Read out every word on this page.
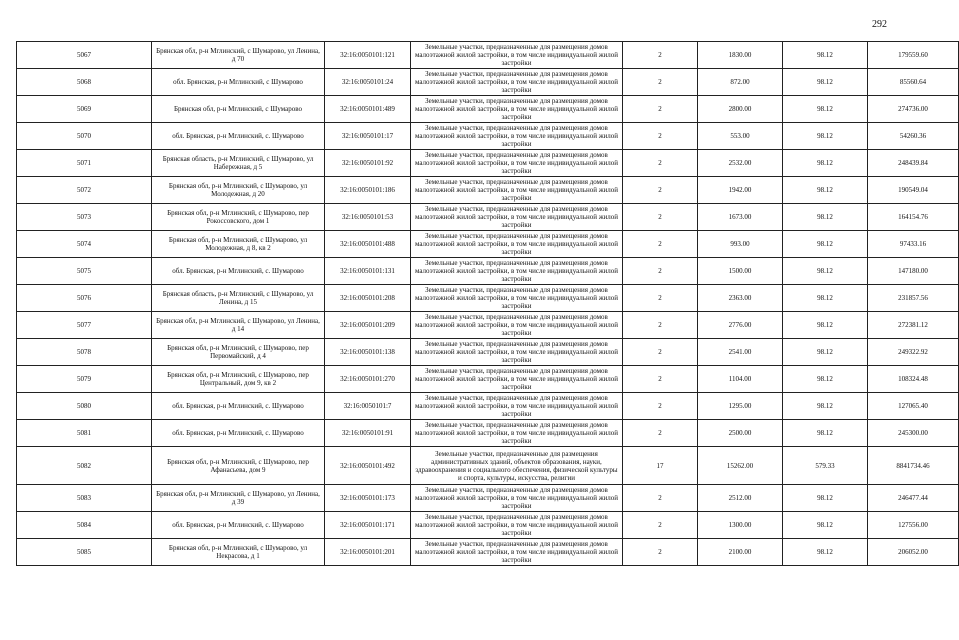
292
5067	Брянская обл, р-н Мглинский, с Шумарово, ул Ленина, д 70	32:16:0050101:121	Земельные участки, предназначенные для размещения домов малоэтажной жилой застройки, в том числе индивидуальной жилой застройки	2	1830.00	98.12	179559.60
5068	обл. Брянская, р-н Мглинский, с Шумарово	32:16:0050101:24	Земельные участки, предназначенные для размещения домов малоэтажной жилой застройки, в том числе индивидуальной жилой застройки	2	872.00	98.12	85560.64
5069	Брянская обл, р-н Мглинский, с Шумарово	32:16:0050101:489	Земельные участки, предназначенные для размещения домов малоэтажной жилой застройки, в том числе индивидуальной жилой застройки	2	2800.00	98.12	274736.00
5070	обл. Брянская, р-н Мглинский, с. Шумарово	32:16:0050101:17	Земельные участки, предназначенные для размещения домов малоэтажной жилой застройки, в том числе индивидуальной жилой застройки	2	553.00	98.12	54260.36
5071	Брянская область, р-н Мглинский, с Шумарово, ул Набережная, д 5	32:16:0050101:92	Земельные участки, предназначенные для размещения домов малоэтажной жилой застройки, в том числе индивидуальной жилой застройки	2	2532.00	98.12	248439.84
5072	Брянская обл, р-н Мглинский, с Шумарово, ул Молодежная, д 20	32:16:0050101:186	Земельные участки, предназначенные для размещения домов малоэтажной жилой застройки, в том числе индивидуальной жилой застройки	2	1942.00	98.12	190549.04
5073	Брянская обл, р-н Мглинский, с Шумарово, пер Рокоссовского, дом 1	32:16:0050101:53	Земельные участки, предназначенные для размещения домов малоэтажной жилой застройки, в том числе индивидуальной жилой застройки	2	1673.00	98.12	164154.76
5074	Брянская обл, р-н Мглинский, с Шумарово, ул Молодежная, д 8, кв 2	32:16:0050101:488	Земельные участки, предназначенные для размещения домов малоэтажной жилой застройки, в том числе индивидуальной жилой застройки	2	993.00	98.12	97433.16
5075	обл. Брянская, р-н Мглинский, с. Шумарово	32:16:0050101:131	Земельные участки, предназначенные для размещения домов малоэтажной жилой застройки, в том числе индивидуальной жилой застройки	2	1500.00	98.12	147180.00
5076	Брянская область, р-н Мглинский, с Шумарово, ул Ленина, д 15	32:16:0050101:208	Земельные участки, предназначенные для размещения домов малоэтажной жилой застройки, в том числе индивидуальной жилой застройки	2	2363.00	98.12	231857.56
5077	Брянская обл, р-н Мглинский, с Шумарово, ул Ленина, д 14	32:16:0050101:209	Земельные участки, предназначенные для размещения домов малоэтажной жилой застройки, в том числе индивидуальной жилой застройки	2	2776.00	98.12	272381.12
5078	Брянская обл, р-н Мглинский, с Шумарово, пер Первомайский, д 4	32:16:0050101:138	Земельные участки, предназначенные для размещения домов малоэтажной жилой застройки, в том числе индивидуальной жилой застройки	2	2541.00	98.12	249322.92
5079	Брянская обл, р-н Мглинский, с Шумарово, пер Центральный, дом 9, кв 2	32:16:0050101:270	Земельные участки, предназначенные для размещения домов малоэтажной жилой застройки, в том числе индивидуальной жилой застройки	2	1104.00	98.12	108324.48
5080	обл. Брянская, р-н Мглинский, с. Шумарово	32:16:0050101:7	Земельные участки, предназначенные для размещения домов малоэтажной жилой застройки, в том числе индивидуальной жилой застройки	2	1295.00	98.12	127065.40
5081	обл. Брянская, р-н Мглинский, с. Шумарово	32:16:0050101:91	Земельные участки, предназначенные для размещения домов малоэтажной жилой застройки, в том числе индивидуальной жилой застройки	2	2500.00	98.12	245300.00
5082	Брянская обл, р-н Мглинский, с Шумарово, пер Афанасьева, дом 9	32:16:0050101:492	Земельные участки, предназначенные для размещения административных зданий, объектов образования, науки, здравоохранения и социального обеспечения, физической культуры и спорта, культуры, искусства, религии	17	15262.00	579.33	8841734.46
5083	Брянская обл, р-н Мглинский, с Шумарово, ул Ленина, д 39	32:16:0050101:173	Земельные участки, предназначенные для размещения домов малоэтажной жилой застройки, в том числе индивидуальной жилой застройки	2	2512.00	98.12	246477.44
5084	обл. Брянская, р-н Мглинский, с. Шумарово	32:16:0050101:171	Земельные участки, предназначенные для размещения домов малоэтажной жилой застройки, в том числе индивидуальной жилой застройки	2	1300.00	98.12	127556.00
5085	Брянская обл, р-н Мглинский, с Шумарово, ул Некрасова, д 1	32:16:0050101:201	Земельные участки, предназначенные для размещения домов малоэтажной жилой застройки, в том числе индивидуальной жилой застройки	2	2100.00	98.12	206052.00
